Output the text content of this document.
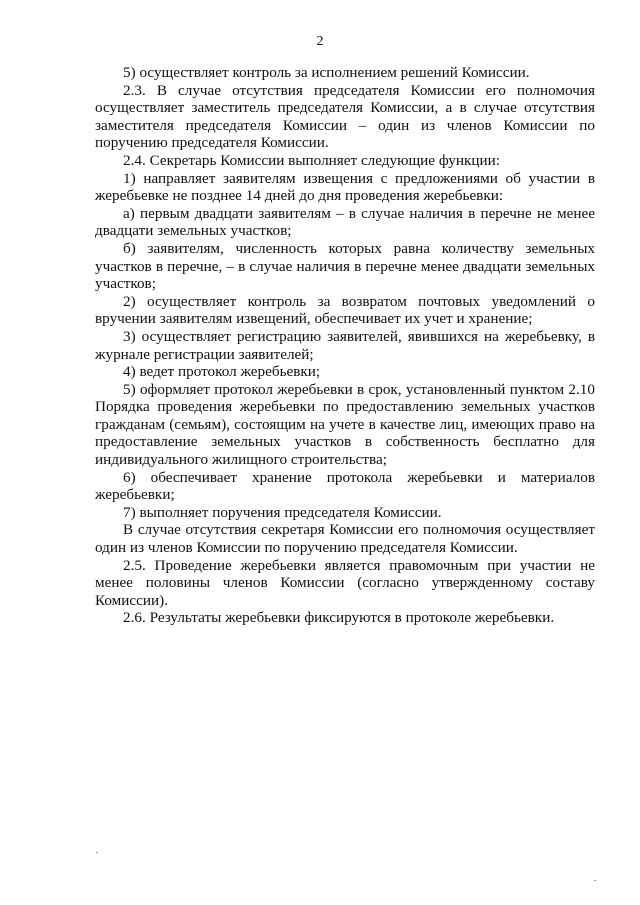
2

5) осуществляет контроль за исполнением решений Комиссии.

2.3. В случае отсутствия председателя Комиссии его полномочия осуществляет заместитель председателя Комиссии, а в случае отсутствия заместителя председателя Комиссии – один из членов Комиссии по поручению председателя Комиссии.

2.4. Секретарь Комиссии выполняет следующие функции:

1) направляет заявителям извещения с предложениями об участии в жеребьевке не позднее 14 дней до дня проведения жеребьевки:

а) первым двадцати заявителям – в случае наличия в перечне не менее двадцати земельных участков;

б) заявителям, численность которых равна количеству земельных участков в перечне, – в случае наличия в перечне менее двадцати земельных участков;

2) осуществляет контроль за возвратом почтовых уведомлений о вручении заявителям извещений, обеспечивает их учет и хранение;

3) осуществляет регистрацию заявителей, явившихся на жеребьевку, в журнале регистрации заявителей;

4) ведет протокол жеребьевки;

5) оформляет протокол жеребьевки в срок, установленный пунктом 2.10 Порядка проведения жеребьевки по предоставлению земельных участков гражданам (семьям), состоящим на учете в качестве лиц, имеющих право на предоставление земельных участков в собственность бесплатно для индивидуального жилищного строительства;

6) обеспечивает хранение протокола жеребьевки и материалов жеребьевки;

7) выполняет поручения председателя Комиссии.

В случае отсутствия секретаря Комиссии его полномочия осуществляет один из членов Комиссии по поручению председателя Комиссии.

2.5. Проведение жеребьевки является правомочным при участии не менее половины членов Комиссии (согласно утвержденному составу Комиссии).

2.6. Результаты жеребьевки фиксируются в протоколе жеребьевки.
